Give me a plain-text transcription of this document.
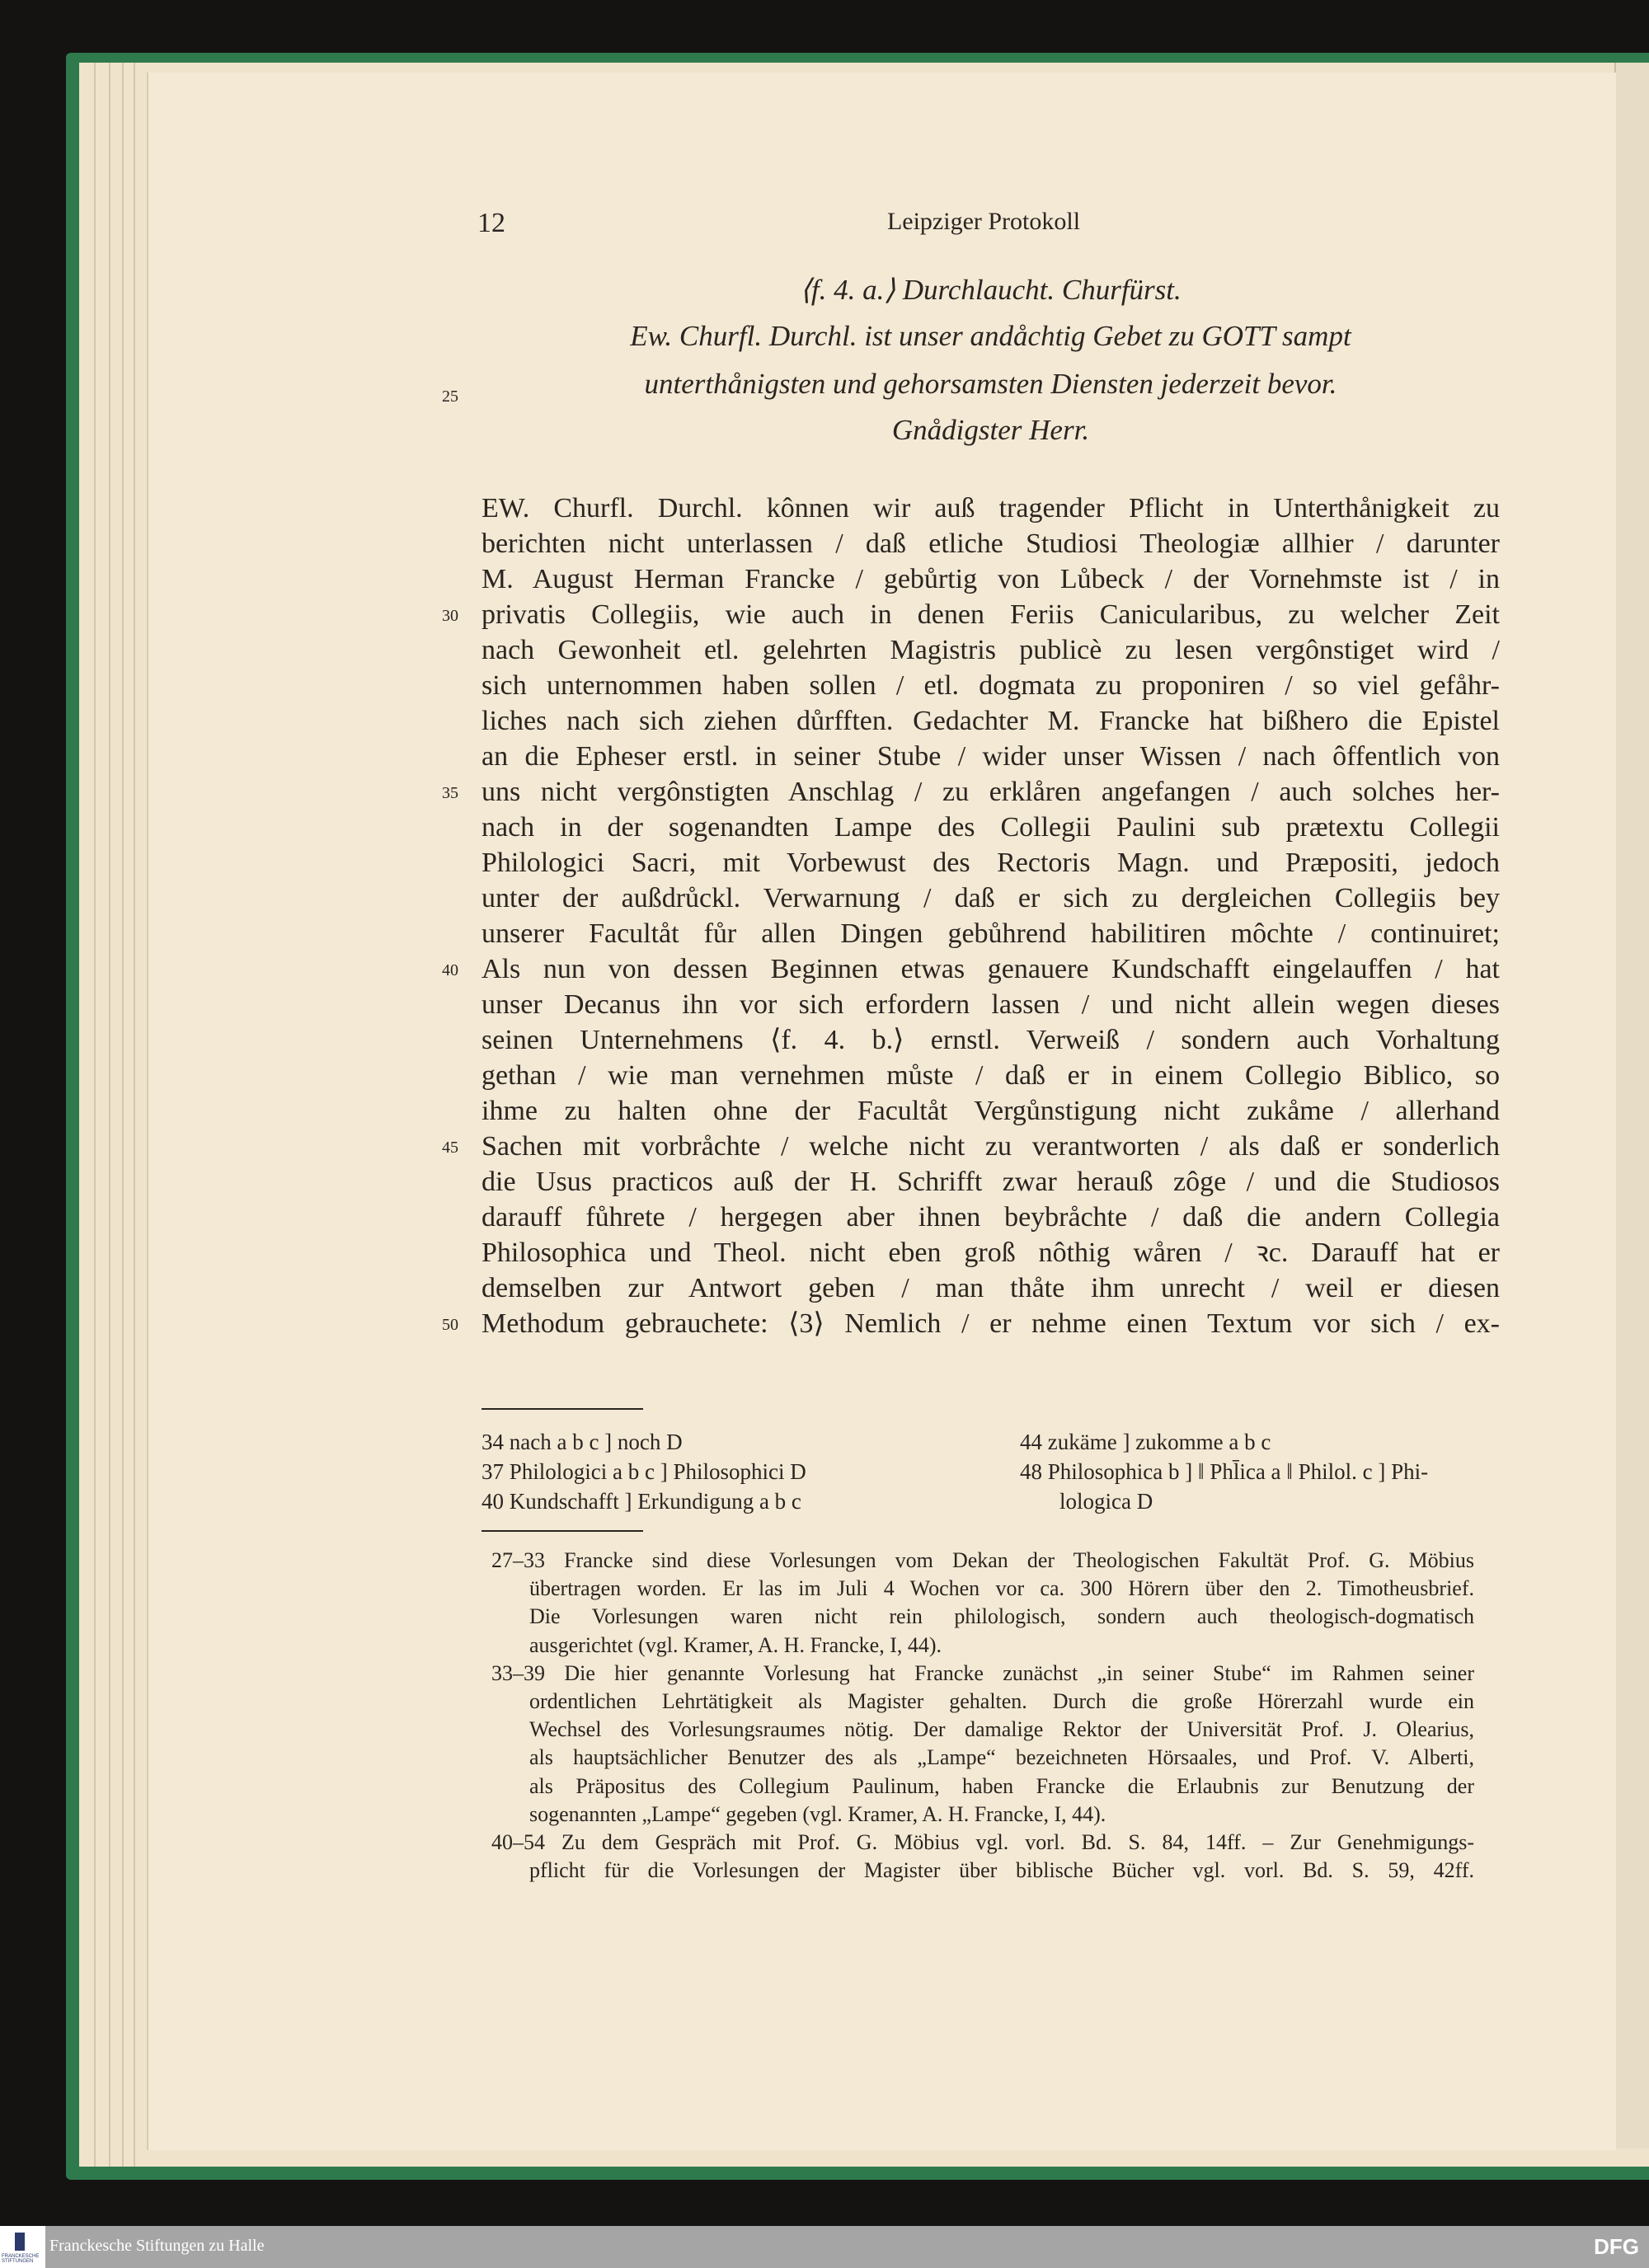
12	Leipziger Protokoll
⟨f. 4. a.⟩ Durchlaucht. Churfürst.
Ew. Churfl. Durchl. ist unser andåchtig Gebet zu GOTT sampt
unterthånigsten und gehorsamsten Diensten jederzeit bevor.
25
Gnådigster Herr.
EW. Churfl. Durchl. kônnen wir auß tragender Pflicht in Unterthånigkeit zu
berichten nicht unterlassen / daß etliche Studiosi Theologiæ allhier / darunter
M. August Herman Francke / gebůrtig von Lůbeck / der Vornehmste ist / in
30 privatis Collegiis, wie auch in denen Feriis Canicularibus, zu welcher Zeit
nach Gewonheit etl. gelehrten Magistris publicè zu lesen vergônstiget wird /
sich unternommen haben sollen / etl. dogmata zu proponiren / so viel gefåhr-
liches nach sich ziehen důrfften. Gedachter M. Francke hat bißhero die Epistel
an die Epheser erstl. in seiner Stube / wider unser Wissen / nach ôffentlich von
35 uns nicht vergônstigten Anschlag / zu erklåren angefangen / auch solches her-
nach in der sogenandten Lampe des Collegii Paulini sub prætextu Collegii
Philologici Sacri, mit Vorbewust des Rectoris Magn. und Præpositi, jedoch
unter der außdrůckl. Verwarnung / daß er sich zu dergleichen Collegiis bey
unserer Facultåt fůr allen Dingen gebůhrend habilitiren môchte / continuiret;
40 Als nun von dessen Beginnen etwas genauere Kundschafft eingelauffen / hat
unser Decanus ihn vor sich erfordern lassen / und nicht allein wegen dieses
seinen Unternehmens ⟨f. 4. b.⟩ ernstl. Verweiß / sondern auch Vorhaltung
gethan / wie man vernehmen můste / daß er in einem Collegio Biblico, so
ihme zu halten ohne der Facultåt Vergůnstigung nicht zukåme / allerhand
45 Sachen mit vorbråchte / welche nicht zu verantworten / als daß er sonderlich
die Usus practicos auß der H. Schrifft zwar herauß zôge / und die Studiosos
darauff fůhrete / hergegen aber ihnen beybråchte / daß die andern Collegia
Philosophica und Theol. nicht eben groß nôthig wåren / ꝛc. Darauff hat er
demselben zur Antwort geben / man thåte ihm unrecht / weil er diesen
50 Methodum gebrauchete: ⟨3⟩ Nemlich / er nehme einen Textum vor sich / ex-
34 nach a b c ] noch D
37 Philologici a b c ] Philosophici D
40 Kundschafft ] Erkundigung a b c
44 zukäme ] zukomme a b c
48 Philosophica b ] ‖ Phl̄ica a ‖ Philol. c ] Phi-
lologica D
27–33 Francke sind diese Vorlesungen vom Dekan der Theologischen Fakultät Prof. G. Möbius
übertragen worden. Er las im Juli 4 Wochen vor ca. 300 Hörern über den 2. Timotheusbrief.
Die Vorlesungen waren nicht rein philologisch, sondern auch theologisch-dogmatisch
ausgerichtet (vgl. Kramer, A. H. Francke, I, 44).
33–39 Die hier genannte Vorlesung hat Francke zunächst „in seiner Stube“ im Rahmen seiner
ordentlichen Lehrtätigkeit als Magister gehalten. Durch die große Hörerzahl wurde ein
Wechsel des Vorlesungsraumes nötig. Der damalige Rektor der Universität Prof. J. Olearius,
als hauptsächlicher Benutzer des als „Lampe“ bezeichneten Hörsaales, und Prof. V. Alberti,
als Präpositus des Collegium Paulinum, haben Francke die Erlaubnis zur Benutzung der
sogenannten „Lampe“ gegeben (vgl. Kramer, A. H. Francke, I, 44).
40–54 Zu dem Gespräch mit Prof. G. Möbius vgl. vorl. Bd. S. 84, 14ff. – Zur Genehmigungs-
pflicht für die Vorlesungen der Magister über biblische Bücher vgl. vorl. Bd. S. 59, 42ff.
FRANCKESCHE STIFTUNGEN
Franckesche Stiftungen zu Halle	DFG
